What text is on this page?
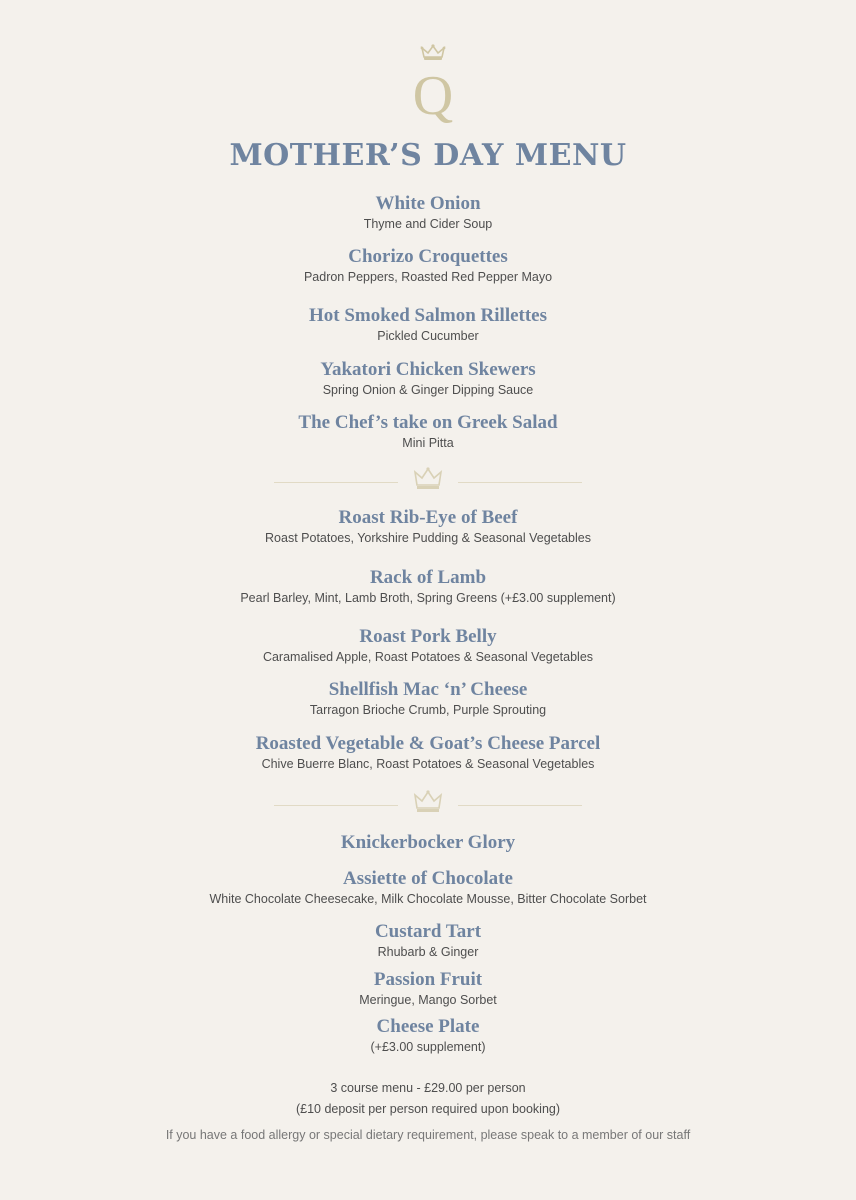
Q
MOTHER’S DAY MENU
White Onion
Thyme and Cider Soup
Chorizo Croquettes
Padron Peppers, Roasted Red Pepper Mayo
Hot Smoked Salmon Rillettes
Pickled Cucumber
Yakatori Chicken Skewers
Spring Onion & Ginger Dipping Sauce
The Chef’s take on Greek Salad
Mini Pitta
Roast Rib-Eye of Beef
Roast Potatoes, Yorkshire Pudding & Seasonal Vegetables
Rack of Lamb
Pearl Barley, Mint, Lamb Broth, Spring Greens (+£3.00 supplement)
Roast Pork Belly
Caramalised Apple, Roast Potatoes & Seasonal Vegetables
Shellfish Mac ‘n’ Cheese
Tarragon Brioche Crumb, Purple Sprouting
Roasted Vegetable & Goat’s Cheese Parcel
Chive Buerre Blanc, Roast Potatoes & Seasonal Vegetables
Knickerbocker Glory
Assiette of Chocolate
White Chocolate Cheesecake, Milk Chocolate Mousse, Bitter Chocolate Sorbet
Custard Tart
Rhubarb & Ginger
Passion Fruit
Meringue, Mango Sorbet
Cheese Plate
(+£3.00 supplement)
3 course menu - £29.00 per person
(£10 deposit per person required upon booking)
If you have a food allergy or special dietary requirement, please speak to a member of our staff
